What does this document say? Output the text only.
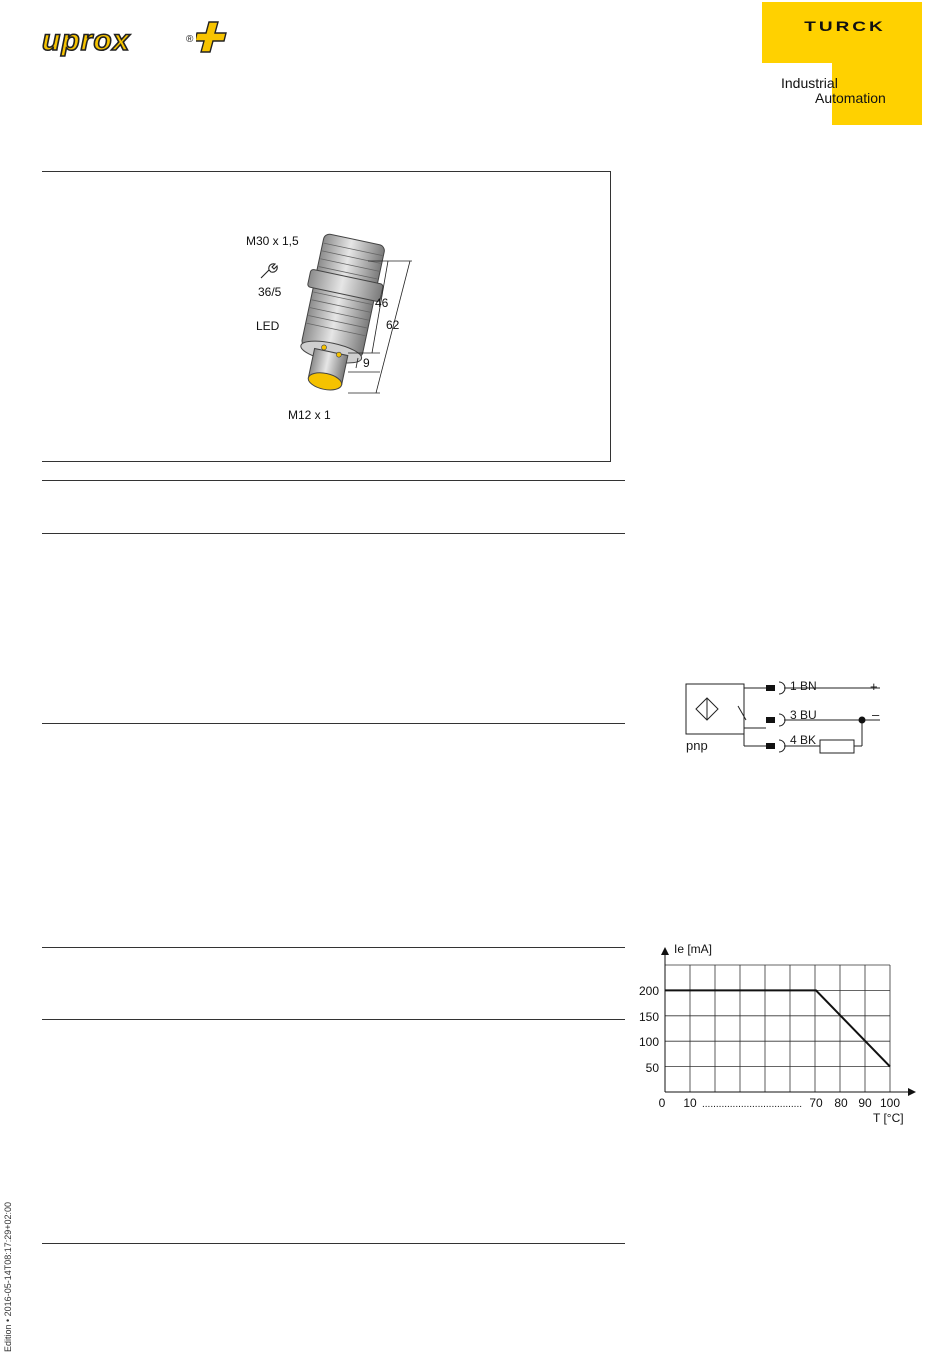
uprox	®
TURCK
Industrial
Automation
M30 x 1,5
36/5
LED
M12 x 1
46
62
9
1 BN
3 BU
4 BK
+
–
pnp
Ie [mA]
T [°C]
200
150
100
50
0 10 .................................... 70 80 90 100
Edition • 2016-05-14T08:17:29+02:00
